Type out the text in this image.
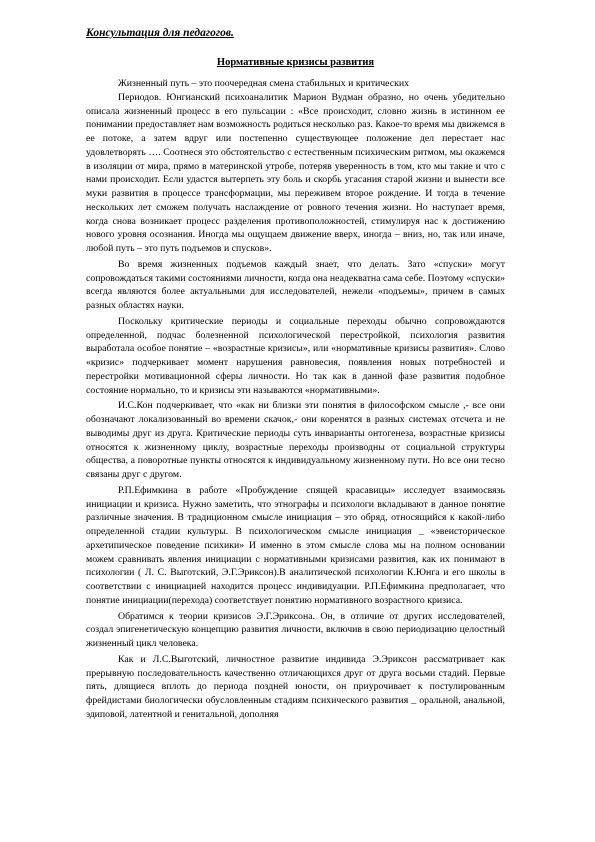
Консультация для педагогов.
Нормативные кризисы развития

Жизненный путь – это поочередная смена стабильных и критических

Периодов. Юнгианский психоаналитик Марион Вудман образно, но очень убедительно описала жизненный процесс в его пульсации : «Все происходит, словно жизнь в истинном ее понимании предоставляет нам возможность родиться несколько раз. Какое-то время мы движемся в ее потоке, а затем вдруг или постепенно существующее положение дел перестает нас удовлетворять …. Соотнеся это обстоятельство с естественным психическим ритмом, мы окажемся в изоляции от мира, прямо в материнской утробе, потеряв уверенность в том, кто мы такие и что с нами происходит. Если удастся вытерпеть эту боль и скорбь угасания старой жизни и вынести все муки развития в процессе трансформации, мы переживем второе рождение. И тогда в течение нескольких лет сможем получать наслаждение от ровного течения жизни. Но наступает время, когда снова возникает процесс разделения противоположностей, стимулируя нас к достижению нового уровня осознания. Иногда мы ощущаем движение вверх, иногда – вниз, но, так или иначе, любой путь – это путь подъемов и спусков».

Во время жизненных подъемов каждый знает, что делать. Зато «спуски» могут сопровождаться такими состояниями личности, когда она неадекватна сама себе. Поэтому «спуски» всегда являются более актуальными для исследователей, нежели «подъемы», причем в самых разных областях науки.

Поскольку критические периоды и социальные переходы обычно сопровождаются определенной, подчас болезненной психологической перестройкой, психология развития выработала особое понятие – «возрастные кризисы», или «нормативные кризисы развития». Слово «кризис» подчеркивает момент нарушения равновесия, появления новых потребностей и перестройки мотивационной сферы личности. Но так как в данной фазе развития подобное состояние нормально, то и кризисы эти называются «нормативными».

И.С.Кон подчеркивает, что «как ни близки эти понятия в философском смысле ,- все они обозначают локализованный во времени скачок,- они коренятся в разных системах отсчета и не выводимы друг из друга. Критические периоды суть инварианты онтогенеза, возрастные кризисы относятся к жизненному циклу, возрастные переходы производны от социальной структуры общества, а поворотные пункты относятся к индивидуальному жизненному пути. Но все они тесно связаны друг с другом.

Р.П.Ефимкина в работе «Пробуждение спящей красавицы» исследует взаимосвязь инициации и кризиса. Нужно заметить, что этнографы и психологи вкладывают в данное понятие различные значения. В традиционном смысле инициация – это обряд, относящийся к какой-либо определенной стадии культуры. В психологическом смысле инициация _ «эвеисторическое архетипическое поведение психики» И именно в этом смысле слова мы на полном основании можем сравнивать явления инициации с нормативными кризисами развития, как их понимают в психологии ( Л. С. Выготский, Э.Г.Эриксон).В аналитической психологии К.Юнга и его школы в соответствии с инициацией находится процесс индивидуации. Р.П.Ефимкина предполагает, что понятие инициации(перехода) соответствует понятию нормативного возрастного кризиса.

Обратимся к теории кризисов Э.Г.Эриксона. Он, в отличие от других исследователей, создал эпигенетическую концепцию развития личности, включив в свою периодизацию целостный жизненный цикл человека.

Как и Л.С.Выготский, личностное развитие индивида Э.Эриксон рассматривает как прерывную последовательность качественно отличающихся друг от друга восьми стадий. Первые пять, длящиеся вплоть до периода поздней юности, он приурочивает к постулированным фрейдистами биологически обусловленным стадиям психического развития _ оральной, анальной, эдиповой, латентной и генитальной, дополняя
